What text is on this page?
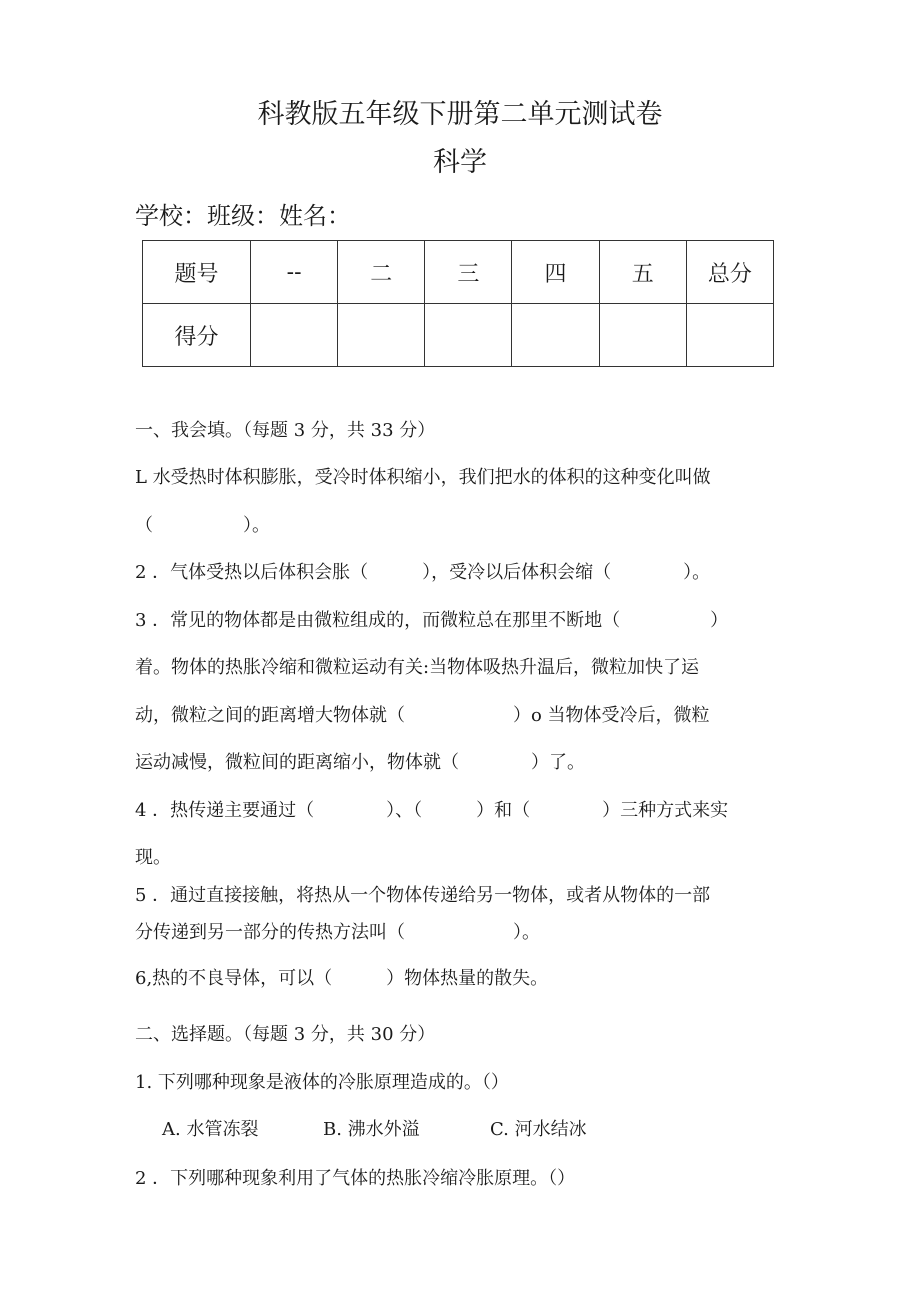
科教版五年级下册第二单元测试卷
科学
学校：班级：姓名：
题号	--	二	三	四	五	总分
得分						
一、我会填。（每题 3 分，共 33 分）
L 水受热时体积膨胀，受冷时体积缩小，我们把水的体积的这种变化叫做
（　　　　　）。
2 ．气体受热以后体积会胀（　　　），受冷以后体积会缩（　　　　）。
3 ．常见的物体都是由微粒组成的，而微粒总在那里不断地（　　　　　）
着。物体的热胀冷缩和微粒运动有关:当物体吸热升温后，微粒加快了运
动，微粒之间的距离增大物体就（　　　　　　）o 当物体受冷后，微粒
运动减慢，微粒间的距离缩小，物体就（　　　　）了。
4 ．热传递主要通过（　　　　）、（　　　）和（　　　　）三种方式来实
现。
5 ．通过直接接触，将热从一个物体传递给另一物体，或者从物体的一部
分传递到另一部分的传热方法叫（　　　　　　）。
6,热的不良导体，可以（　　　）物体热量的散失。
二、选择题。（每题 3 分，共 30 分）
1. 下列哪种现象是液体的冷胀原理造成的。（）
A. 水管冻裂	B. 沸水外溢	C. 河水结冰
2 ．下列哪种现象利用了气体的热胀冷缩冷胀原理。（）
